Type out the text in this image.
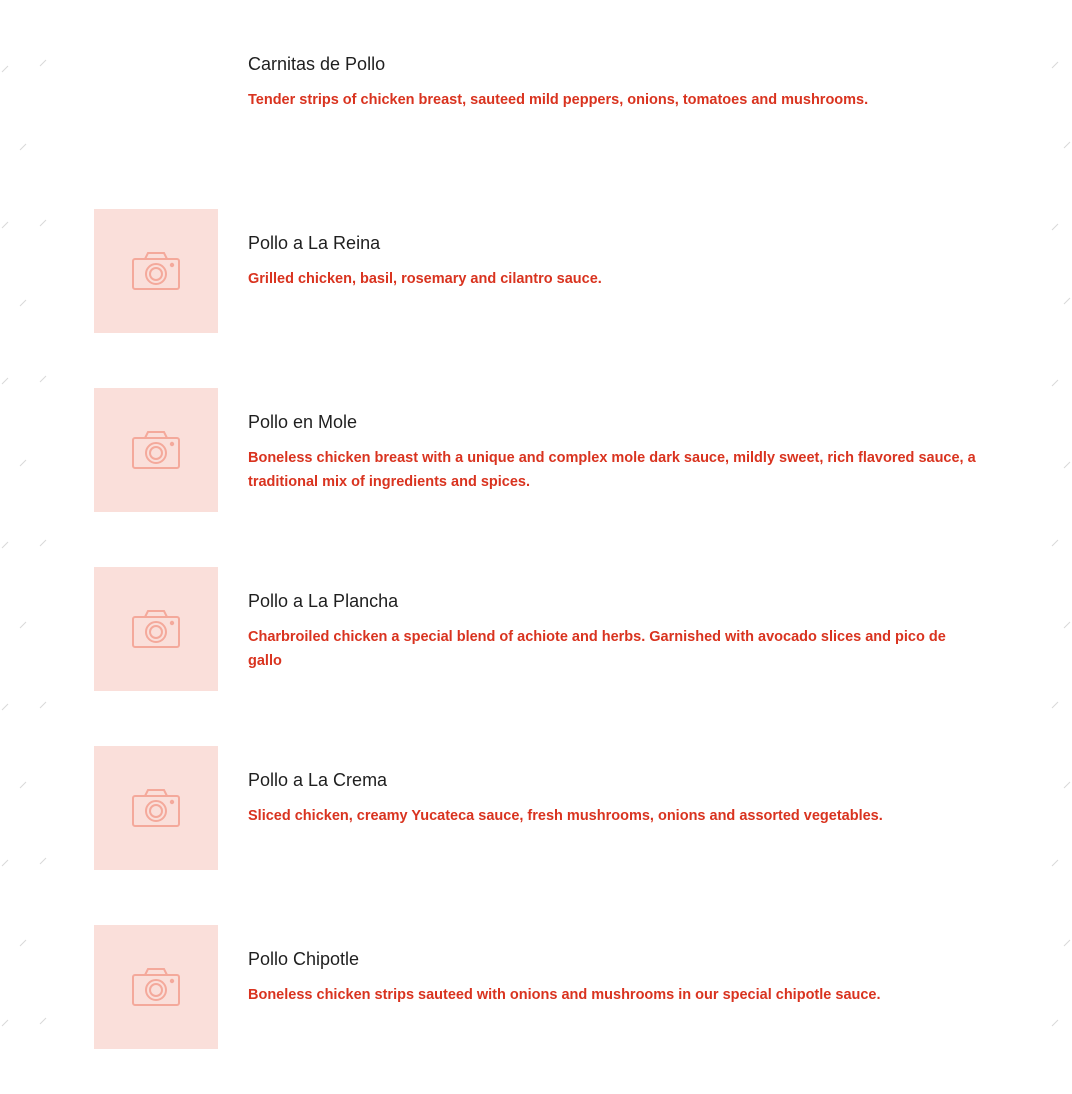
Carnitas de Pollo
Tender strips of chicken breast, sauteed mild peppers, onions, tomatoes and mushrooms.
Pollo a La Reina
Grilled chicken, basil, rosemary and cilantro sauce.
Pollo en Mole
Boneless chicken breast with a unique and complex mole dark sauce, mildly sweet, rich flavored sauce, a traditional mix of ingredients and spices.
Pollo a La Plancha
Charbroiled chicken a special blend of achiote and herbs. Garnished with avocado slices and pico de gallo
Pollo a La Crema
Sliced chicken, creamy Yucateca sauce, fresh mushrooms, onions and assorted vegetables.
Pollo Chipotle
Boneless chicken strips sauteed with onions and mushrooms in our special chipotle sauce.
